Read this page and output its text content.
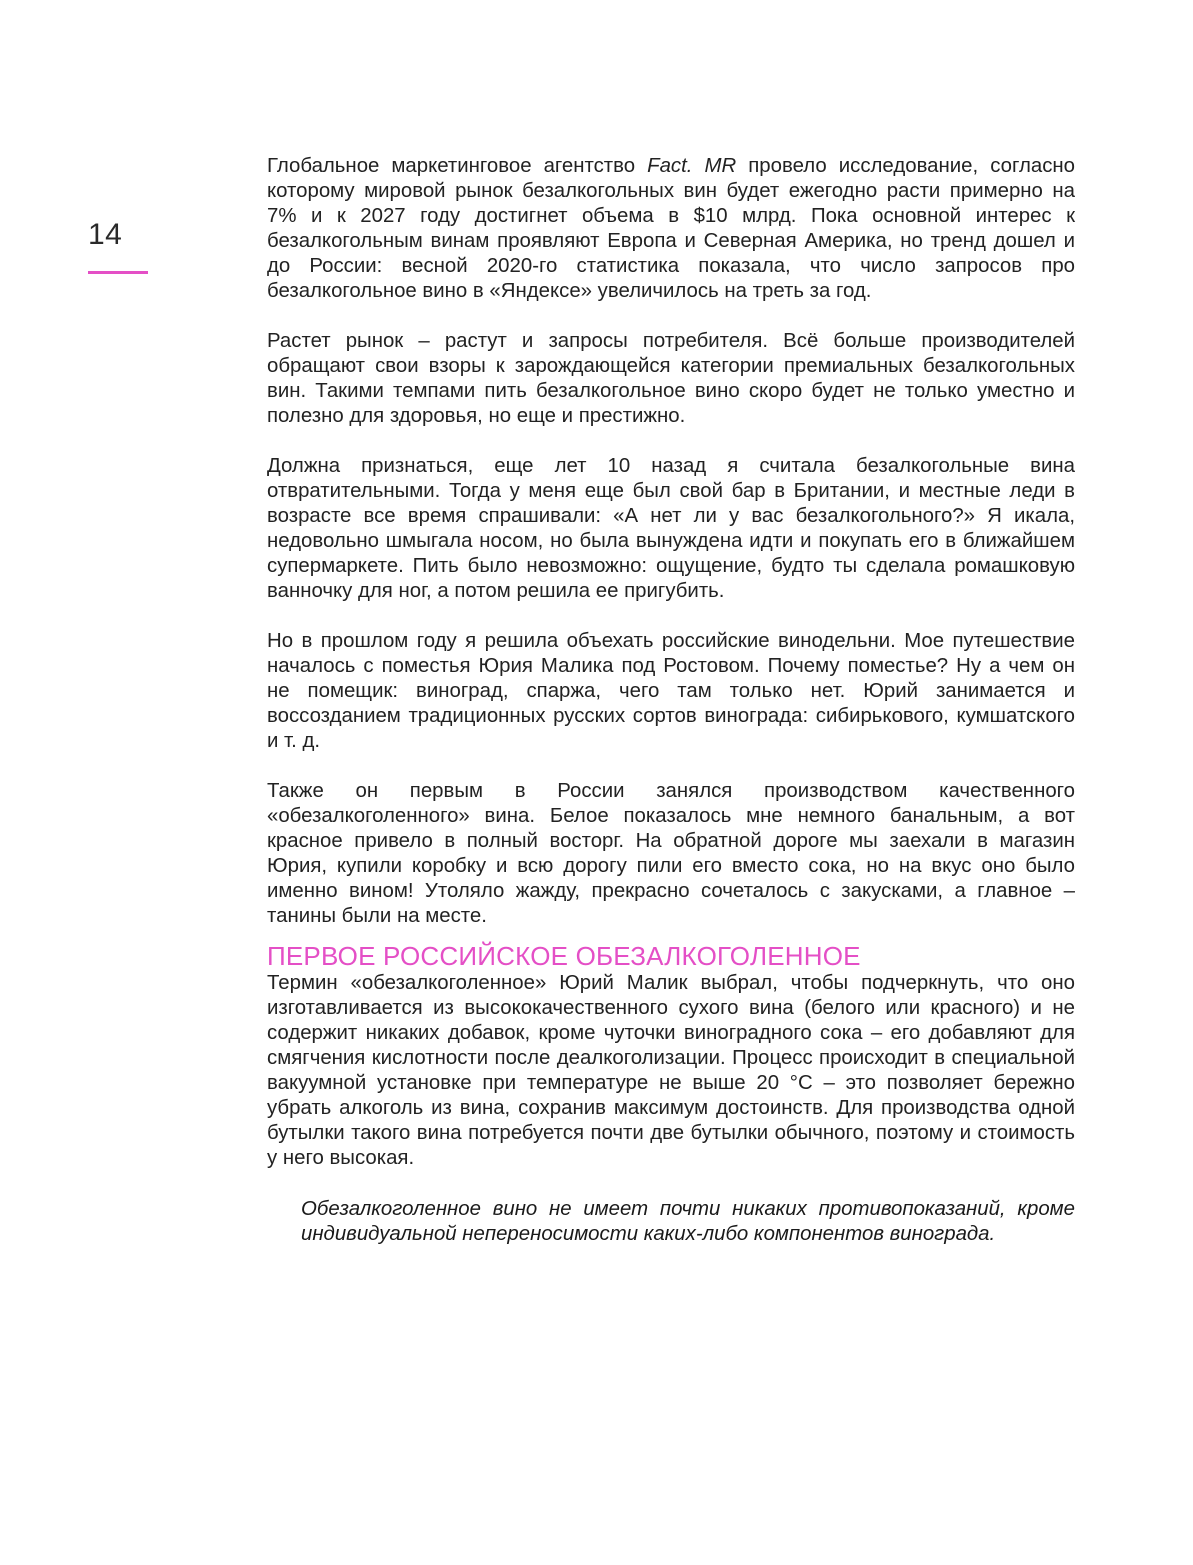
14

Глобальное маркетинговое агентство Fact. MR провело исследование, согласно которому мировой рынок безалкогольных вин будет ежегодно расти примерно на 7% и к 2027 году достигнет объема в $10 млрд. Пока основной интерес к безалкогольным винам проявляют Европа и Северная Америка, но тренд дошел и до России: весной 2020-го статистика показала, что число запросов про безалкогольное вино в «Яндексе» увеличилось на треть за год.

Растет рынок – растут и запросы потребителя. Всё больше производителей обращают свои взоры к зарождающейся категории премиальных безалкогольных вин. Такими темпами пить безалкогольное вино скоро будет не только уместно и полезно для здоровья, но еще и престижно.

Должна признаться, еще лет 10 назад я считала безалкогольные вина отвратительными. Тогда у меня еще был свой бар в Британии, и местные леди в возрасте все время спрашивали: «А нет ли у вас безалкогольного?» Я икала, недовольно шмыгала носом, но была вынуждена идти и покупать его в ближайшем супермаркете. Пить было невозможно: ощущение, будто ты сделала ромашковую ванночку для ног, а потом решила ее пригубить.

Но в прошлом году я решила объехать российские винодельни. Мое путешествие началось с поместья Юрия Малика под Ростовом. Почему поместье? Ну а чем он не помещик: виноград, спаржа, чего там только нет. Юрий занимается и воссозданием традиционных русских сортов винограда: сибирькового, кумшатского и т. д.

Также он первым в России занялся производством качественного «обезалкоголенного» вина. Белое показалось мне немного банальным, а вот красное привело в полный восторг. На обратной дороге мы заехали в магазин Юрия, купили коробку и всю дорогу пили его вместо сока, но на вкус оно было именно вином! Утоляло жажду, прекрасно сочеталось с закусками, а главное – танины были на месте.

ПЕРВОЕ РОССИЙСКОЕ ОБЕЗАЛКОГОЛЕННОЕ

Термин «обезалкоголенное» Юрий Малик выбрал, чтобы подчеркнуть, что оно изготавливается из высококачественного сухого вина (белого или красного) и не содержит никаких добавок, кроме чуточки виноградного сока – его добавляют для смягчения кислотности после деалкоголизации. Процесс происходит в специальной вакуумной установке при температуре не выше 20 °С – это позволяет бережно убрать алкоголь из вина, сохранив максимум достоинств. Для производства одной бутылки такого вина потребуется почти две бутылки обычного, поэтому и стоимость у него высокая.

Обезалкоголенное вино не имеет почти никаких противопоказаний, кроме индивидуальной непереносимости каких-либо компонентов винограда.
